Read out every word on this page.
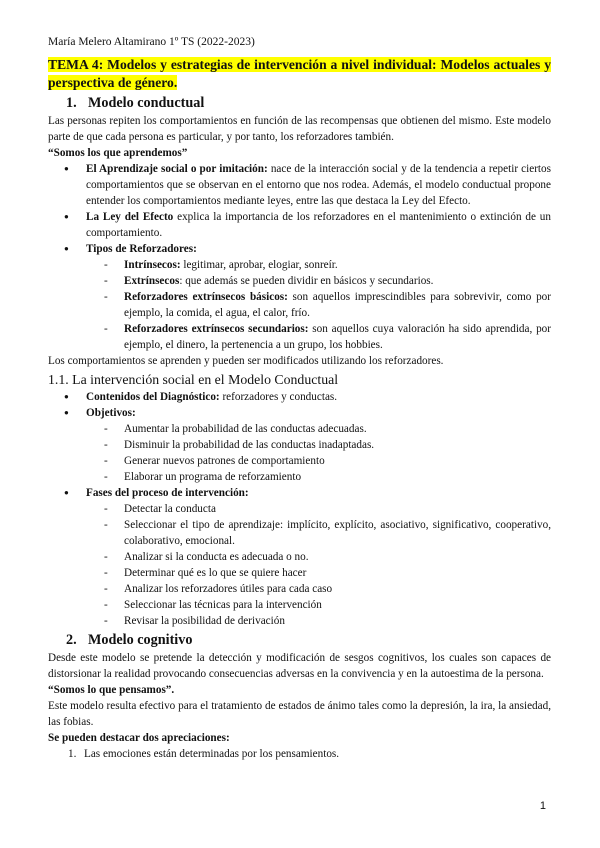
María Melero Altamirano 1º TS (2022-2023)
TEMA 4: Modelos y estrategias de intervención a nivel individual: Modelos actuales y perspectiva de género.
1. Modelo conductual

Las personas repiten los comportamientos en función de las recompensas que obtienen del mismo. Este modelo parte de que cada persona es particular, y por tanto, los reforzadores también.

“Somos los que aprendemos”

● El Aprendizaje social o por imitación: nace de la interacción social y de la tendencia a repetir ciertos comportamientos que se observan en el entorno que nos rodea. Además, el modelo conductual propone entender los comportamientos mediante leyes, entre las que destaca la Ley del Efecto.
● La Ley del Efecto explica la importancia de los reforzadores en el mantenimiento o extinción de un comportamiento.
● Tipos de Reforzadores:
- Intrínsecos: legitimar, aprobar, elogiar, sonreír.
- Extrínsecos: que además se pueden dividir en básicos y secundarios.
- Reforzadores extrínsecos básicos: son aquellos imprescindibles para sobrevivir, como por ejemplo, la comida, el agua, el calor, frío.
- Reforzadores extrínsecos secundarios: son aquellos cuya valoración ha sido aprendida, por ejemplo, el dinero, la pertenencia a un grupo, los hobbies.

Los comportamientos se aprenden y pueden ser modificados utilizando los reforzadores.

1.1. La intervención social en el Modelo Conductual
● Contenidos del Diagnóstico: reforzadores y conductas.
● Objetivos:
- Aumentar la probabilidad de las conductas adecuadas.
- Disminuir la probabilidad de las conductas inadaptadas.
- Generar nuevos patrones de comportamiento
- Elaborar un programa de reforzamiento
● Fases del proceso de intervención:
- Detectar la conducta
- Seleccionar el tipo de aprendizaje: implícito, explícito, asociativo, significativo, cooperativo, colaborativo, emocional.
- Analizar si la conducta es adecuada o no.
- Determinar qué es lo que se quiere hacer
- Analizar los reforzadores útiles para cada caso
- Seleccionar las técnicas para la intervención
- Revisar la posibilidad de derivación
2. Modelo cognitivo

Desde este modelo se pretende la detección y modificación de sesgos cognitivos, los cuales son capaces de distorsionar la realidad provocando consecuencias adversas en la convivencia y en la autoestima de la persona.

“Somos lo que pensamos”.

Este modelo resulta efectivo para el tratamiento de estados de ánimo tales como la depresión, la ira, la ansiedad, las fobias.

Se pueden destacar dos apreciaciones:

1. Las emociones están determinadas por los pensamientos.
1
